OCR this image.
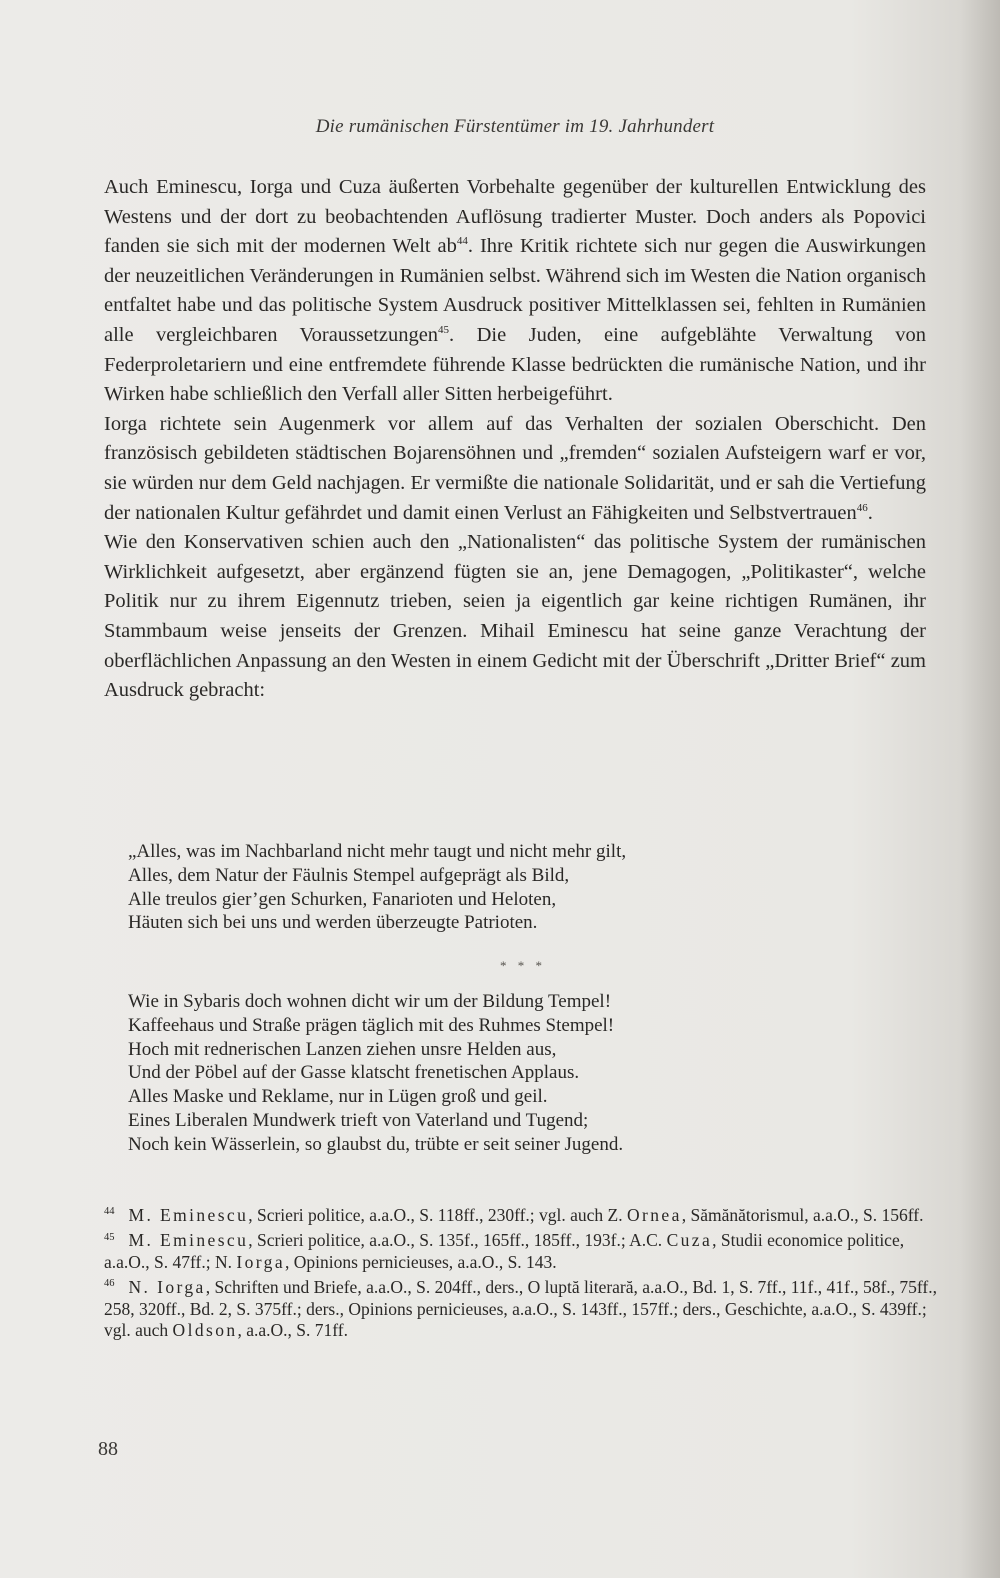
Die rumänischen Fürstentümer im 19. Jahrhundert

Auch Eminescu, Iorga und Cuza äußerten Vorbehalte gegenüber der kulturellen Entwicklung des Westens und der dort zu beobachtenden Auflösung tradierter Muster. Doch anders als Popovici fanden sie sich mit der modernen Welt ab$^{44}$. Ihre Kritik richtete sich nur gegen die Auswirkungen der neuzeitlichen Veränderungen in Rumänien selbst. Während sich im Westen die Nation organisch entfaltet habe und das politische System Ausdruck positiver Mittelklassen sei, fehlten in Rumänien alle vergleichbaren Voraussetzungen$^{45}$. Die Juden, eine aufgeblähte Verwaltung von Federproletariern und eine entfremdete führende Klasse bedrückten die rumänische Nation, und ihr Wirken habe schließlich den Verfall aller Sitten herbeigeführt.

Iorga richtete sein Augenmerk vor allem auf das Verhalten der sozialen Oberschicht. Den französisch gebildeten städtischen Bojarensöhnen und „fremden“ sozialen Aufsteigern warf er vor, sie würden nur dem Geld nachjagen. Er vermißte die nationale Solidarität, und er sah die Vertiefung der nationalen Kultur gefährdet und damit einen Verlust an Fähigkeiten und Selbstvertrauen$^{46}$.

Wie den Konservativen schien auch den „Nationalisten“ das politische System der rumänischen Wirklichkeit aufgesetzt, aber ergänzend fügten sie an, jene Demagogen, „Politikaster“, welche Politik nur zu ihrem Eigennutz trieben, seien ja eigentlich gar keine richtigen Rumänen, ihr Stammbaum weise jenseits der Grenzen. Mihail Eminescu hat seine ganze Verachtung der oberflächlichen Anpassung an den Westen in einem Gedicht mit der Überschrift „Dritter Brief“ zum Ausdruck gebracht:

„Alles, was im Nachbarland nicht mehr taugt und nicht mehr gilt,
Alles, dem Natur der Fäulnis Stempel aufgeprägt als Bild,
Alle treulos gier’gen Schurken, Fanarioten und Heloten,
Häuten sich bei uns und werden überzeugte Patrioten.
* * *
Wie in Sybaris doch wohnen dicht wir um der Bildung Tempel!
Kaffeehaus und Straße prägen täglich mit des Ruhmes Stempel!
Hoch mit rednerischen Lanzen ziehen unsre Helden aus,
Und der Pöbel auf der Gasse klatscht frenetischen Applaus.
Alles Maske und Reklame, nur in Lügen groß und geil.
Eines Liberalen Mundwerk trieft von Vaterland und Tugend;
Noch kein Wässerlein, so glaubst du, trübte er seit seiner Jugend.

$^{44}$ M. Eminescu, Scrieri politice, a.a.O., S. 118ff., 230ff.; vgl. auch Z. Ornea, Sămănătorismul, a.a.O., S. 156ff.

$^{45}$ M. Eminescu, Scrieri politice, a.a.O., S. 135f., 165ff., 185ff., 193f.; A.C. Cuza, Studii economice politice, a.a.O., S. 47ff.; N. Iorga, Opinions pernicieuses, a.a.O., S. 143.

$^{46}$ N. Iorga, Schriften und Briefe, a.a.O., S. 204ff., ders., O luptă literară, a.a.O., Bd. 1, S. 7ff., 11f., 41f., 58f., 75ff., 258, 320ff., Bd. 2, S. 375ff.; ders., Opinions pernicieuses, a.a.O., S. 143ff., 157ff.; ders., Geschichte, a.a.O., S. 439ff.; vgl. auch Oldson, a.a.O., S. 71ff.

88
